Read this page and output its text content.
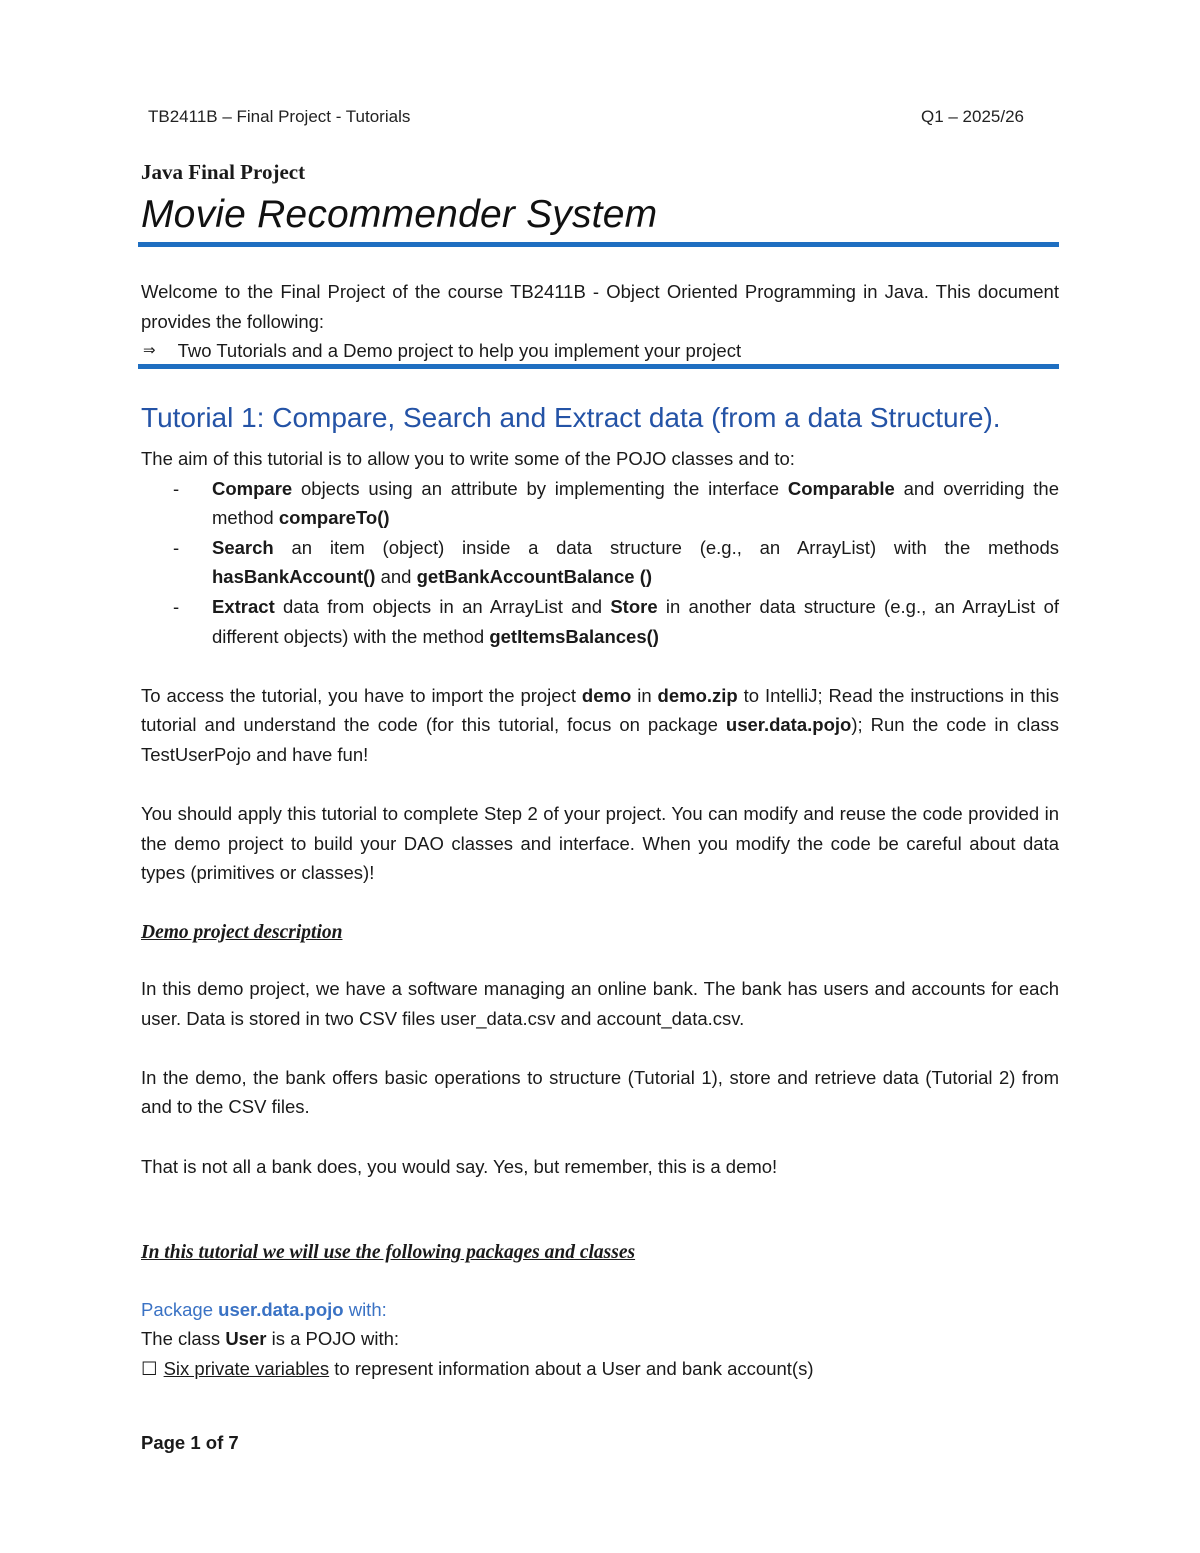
TB2411B – Final Project - Tutorials	Q1 – 2025/26
Java Final Project
Movie Recommender System
Welcome to the Final Project of the course TB2411B - Object Oriented Programming in Java. This document provides the following:
⇒ Two Tutorials and a Demo project to help you implement your project
Tutorial 1: Compare, Search and Extract data (from a data Structure).
The aim of this tutorial is to allow you to write some of the POJO classes and to:
-	Compare objects using an attribute by implementing the interface Comparable and overriding the method compareTo()
-	Search an item (object) inside a data structure (e.g., an ArrayList) with the methods hasBankAccount() and getBankAccountBalance ()
-	Extract data from objects in an ArrayList and Store in another data structure (e.g., an ArrayList of different objects) with the method getItemsBalances()
To access the tutorial, you have to import the project demo in demo.zip to IntelliJ; Read the instructions in this tutorial and understand the code (for this tutorial, focus on package user.data.pojo); Run the code in class TestUserPojo and have fun!
You should apply this tutorial to complete Step 2 of your project. You can modify and reuse the code provided in the demo project to build your DAO classes and interface. When you modify the code be careful about data types (primitives or classes)!
Demo project description
In this demo project, we have a software managing an online bank. The bank has users and accounts for each user. Data is stored in two CSV files user_data.csv and account_data.csv.
In the demo, the bank offers basic operations to structure (Tutorial 1), store and retrieve data (Tutorial 2) from and to the CSV files.
That is not all a bank does, you would say. Yes, but remember, this is a demo!
In this tutorial we will use the following packages and classes
Package user.data.pojo with:
The class User is a POJO with:
☐ Six private variables to represent information about a User and bank account(s)
Page 1 of 7
